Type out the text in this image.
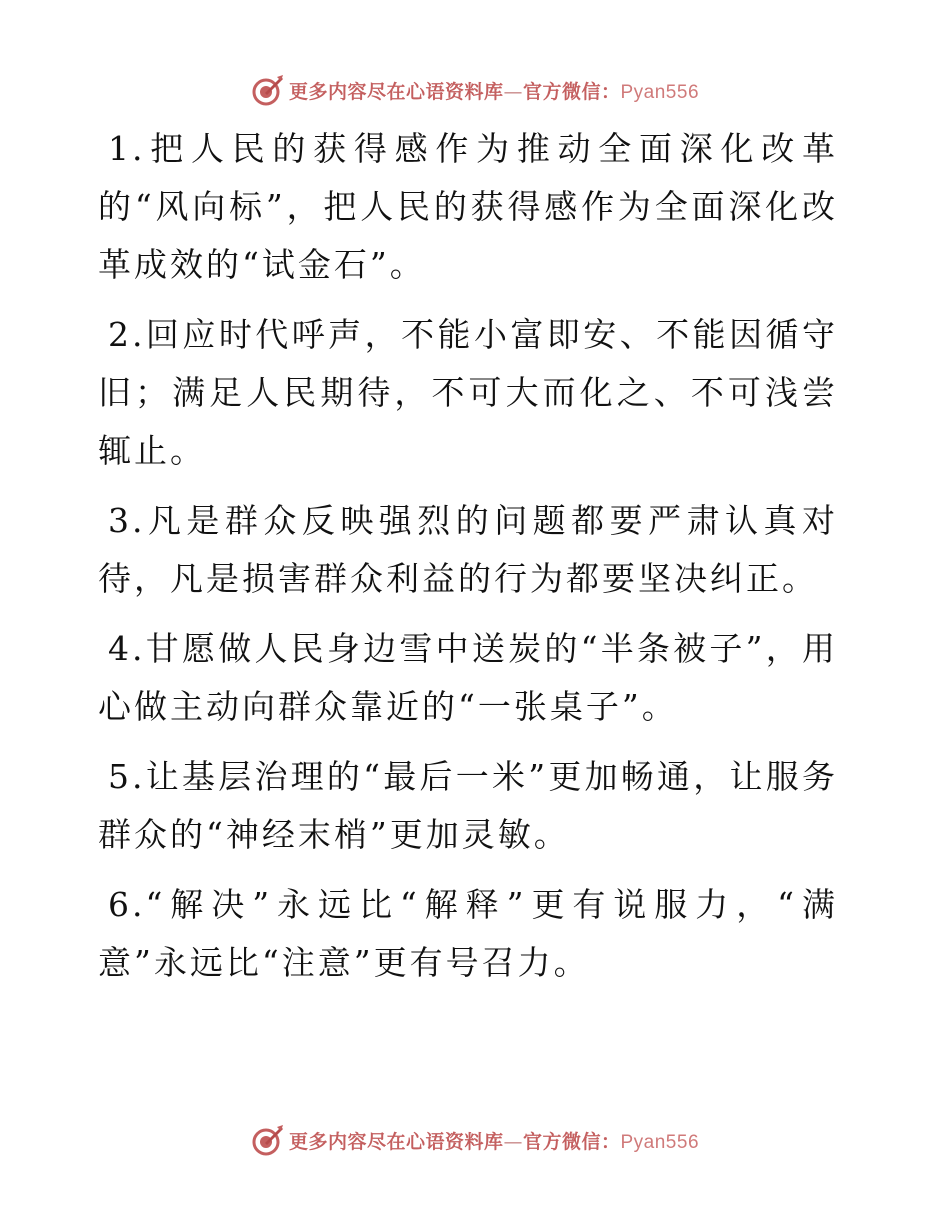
更多内容尽在心语资料库—官方微信：Pyan556

1.把人民的获得感作为推动全面深化改革的“风向标”，把人民的获得感作为全面深化改革成效的“试金石”。

2.回应时代呼声，不能小富即安、不能因循守旧；满足人民期待，不可大而化之、不可浅尝辄止。

3.凡是群众反映强烈的问题都要严肃认真对待，凡是损害群众利益的行为都要坚决纠正。

4.甘愿做人民身边雪中送炭的“半条被子”，用心做主动向群众靠近的“一张桌子”。

5.让基层治理的“最后一米”更加畅通，让服务群众的“神经末梢”更加灵敏。

6.“解决”永远比“解释”更有说服力，“满意”永远比“注意”更有号召力。

更多内容尽在心语资料库—官方微信：Pyan556
